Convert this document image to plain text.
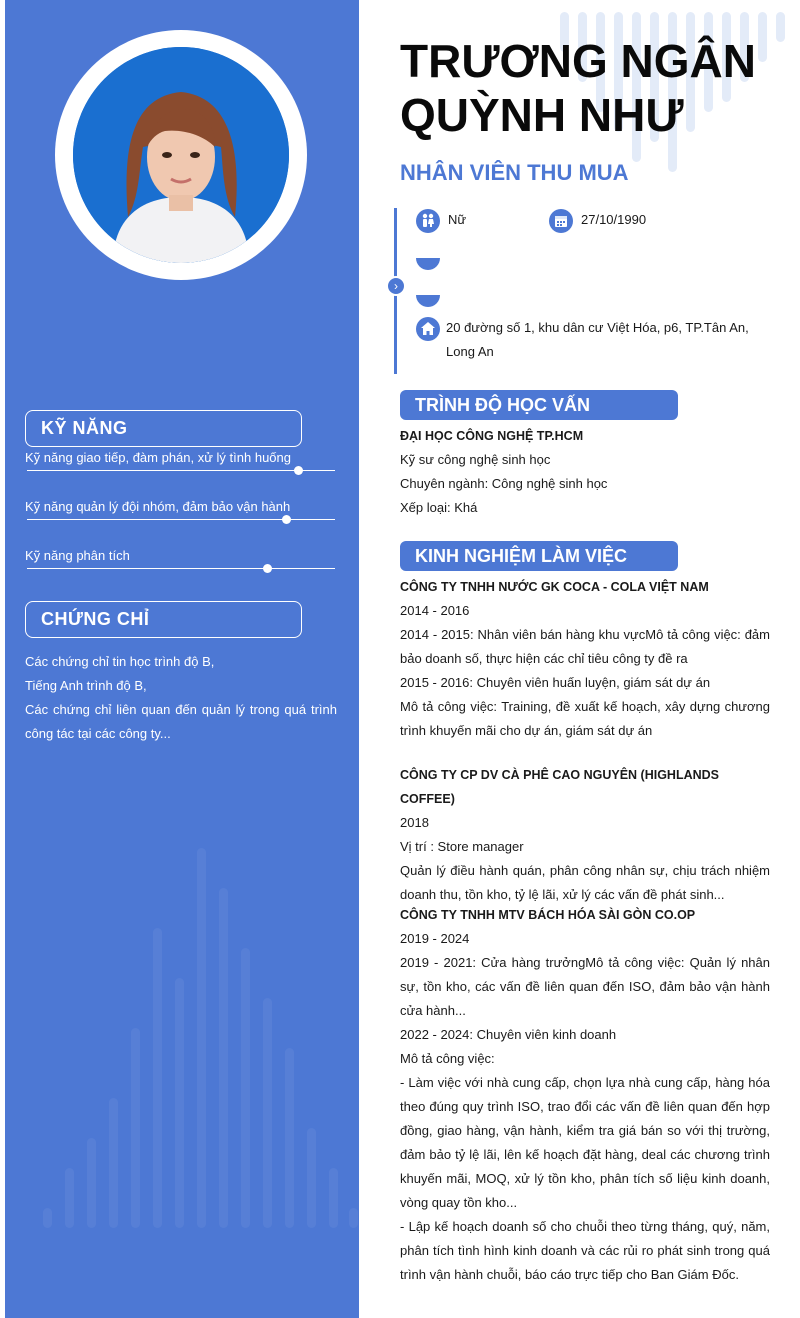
KỸ NĂNG
Kỹ năng giao tiếp, đàm phán, xử lý tình huống
Kỹ năng quản lý đội nhóm, đảm bảo vận hành
Kỹ năng phân tích
CHỨNG CHỈ

Các chứng chỉ tin học trình độ B,

Tiếng Anh trình độ B,

Các chứng chỉ liên quan đến quản lý trong quá trình công tác tại các công ty...

TRƯƠNG NGÂN QUỲNH NHƯ
NHÂN VIÊN THU MUA
›
Nữ	27/10/1990
20 đường số 1, khu dân cư Việt Hóa, p6, TP.Tân An, Long An
TRÌNH ĐỘ HỌC VẤN
ĐẠI HỌC CÔNG NGHỆ TP.HCM

Kỹ sư công nghệ sinh học

Chuyên ngành: Công nghệ sinh học

Xếp loại: Khá

KINH NGHIỆM LÀM VIỆC
CÔNG TY TNHH NƯỚC GK COCA - COLA VIỆT NAM

2014 - 2016

2014 - 2015: Nhân viên bán hàng khu vựcMô tả công việc: đảm bảo doanh số, thực hiện các chỉ tiêu công ty đề ra

2015 - 2016: Chuyên viên huấn luyện, giám sát dự án

Mô tả công việc: Training, đề xuất kế hoạch, xây dựng chương trình khuyến mãi cho dự án, giám sát dự án

CÔNG TY CP DV CÀ PHÊ CAO NGUYÊN (HIGHLANDS COFFEE)

2018

Vị trí : Store manager

Quản lý điều hành quán, phân công nhân sự, chịu trách nhiệm doanh thu, tồn kho, tỷ lệ lãi, xử lý các vấn đề phát sinh...

CÔNG TY TNHH MTV BÁCH HÓA SÀI GÒN CO.OP

2019 - 2024

2019 - 2021: Cửa hàng trưởngMô tả công việc: Quản lý nhân sự, tồn kho, các vấn đề liên quan đến ISO, đảm bảo vận hành cửa hành...

2022 - 2024: Chuyên viên kinh doanh

Mô tả công việc:

- Làm việc với nhà cung cấp, chọn lựa nhà cung cấp, hàng hóa theo đúng quy trình ISO, trao đổi các vấn đề liên quan đến hợp đồng, giao hàng, vận hành, kiểm tra giá bán so với thị trường, đảm bảo tỷ lệ lãi, lên kế hoạch đặt hàng, deal các chương trình khuyến mãi, MOQ, xử lý tồn kho, phân tích số liệu kinh doanh, vòng quay tồn kho...

- Lập kế hoạch doanh số cho chuỗi theo từng tháng, quý, năm, phân tích tình hình kinh doanh và các rủi ro phát sinh trong quá trình vận hành chuỗi, báo cáo trực tiếp cho Ban Giám Đốc.
